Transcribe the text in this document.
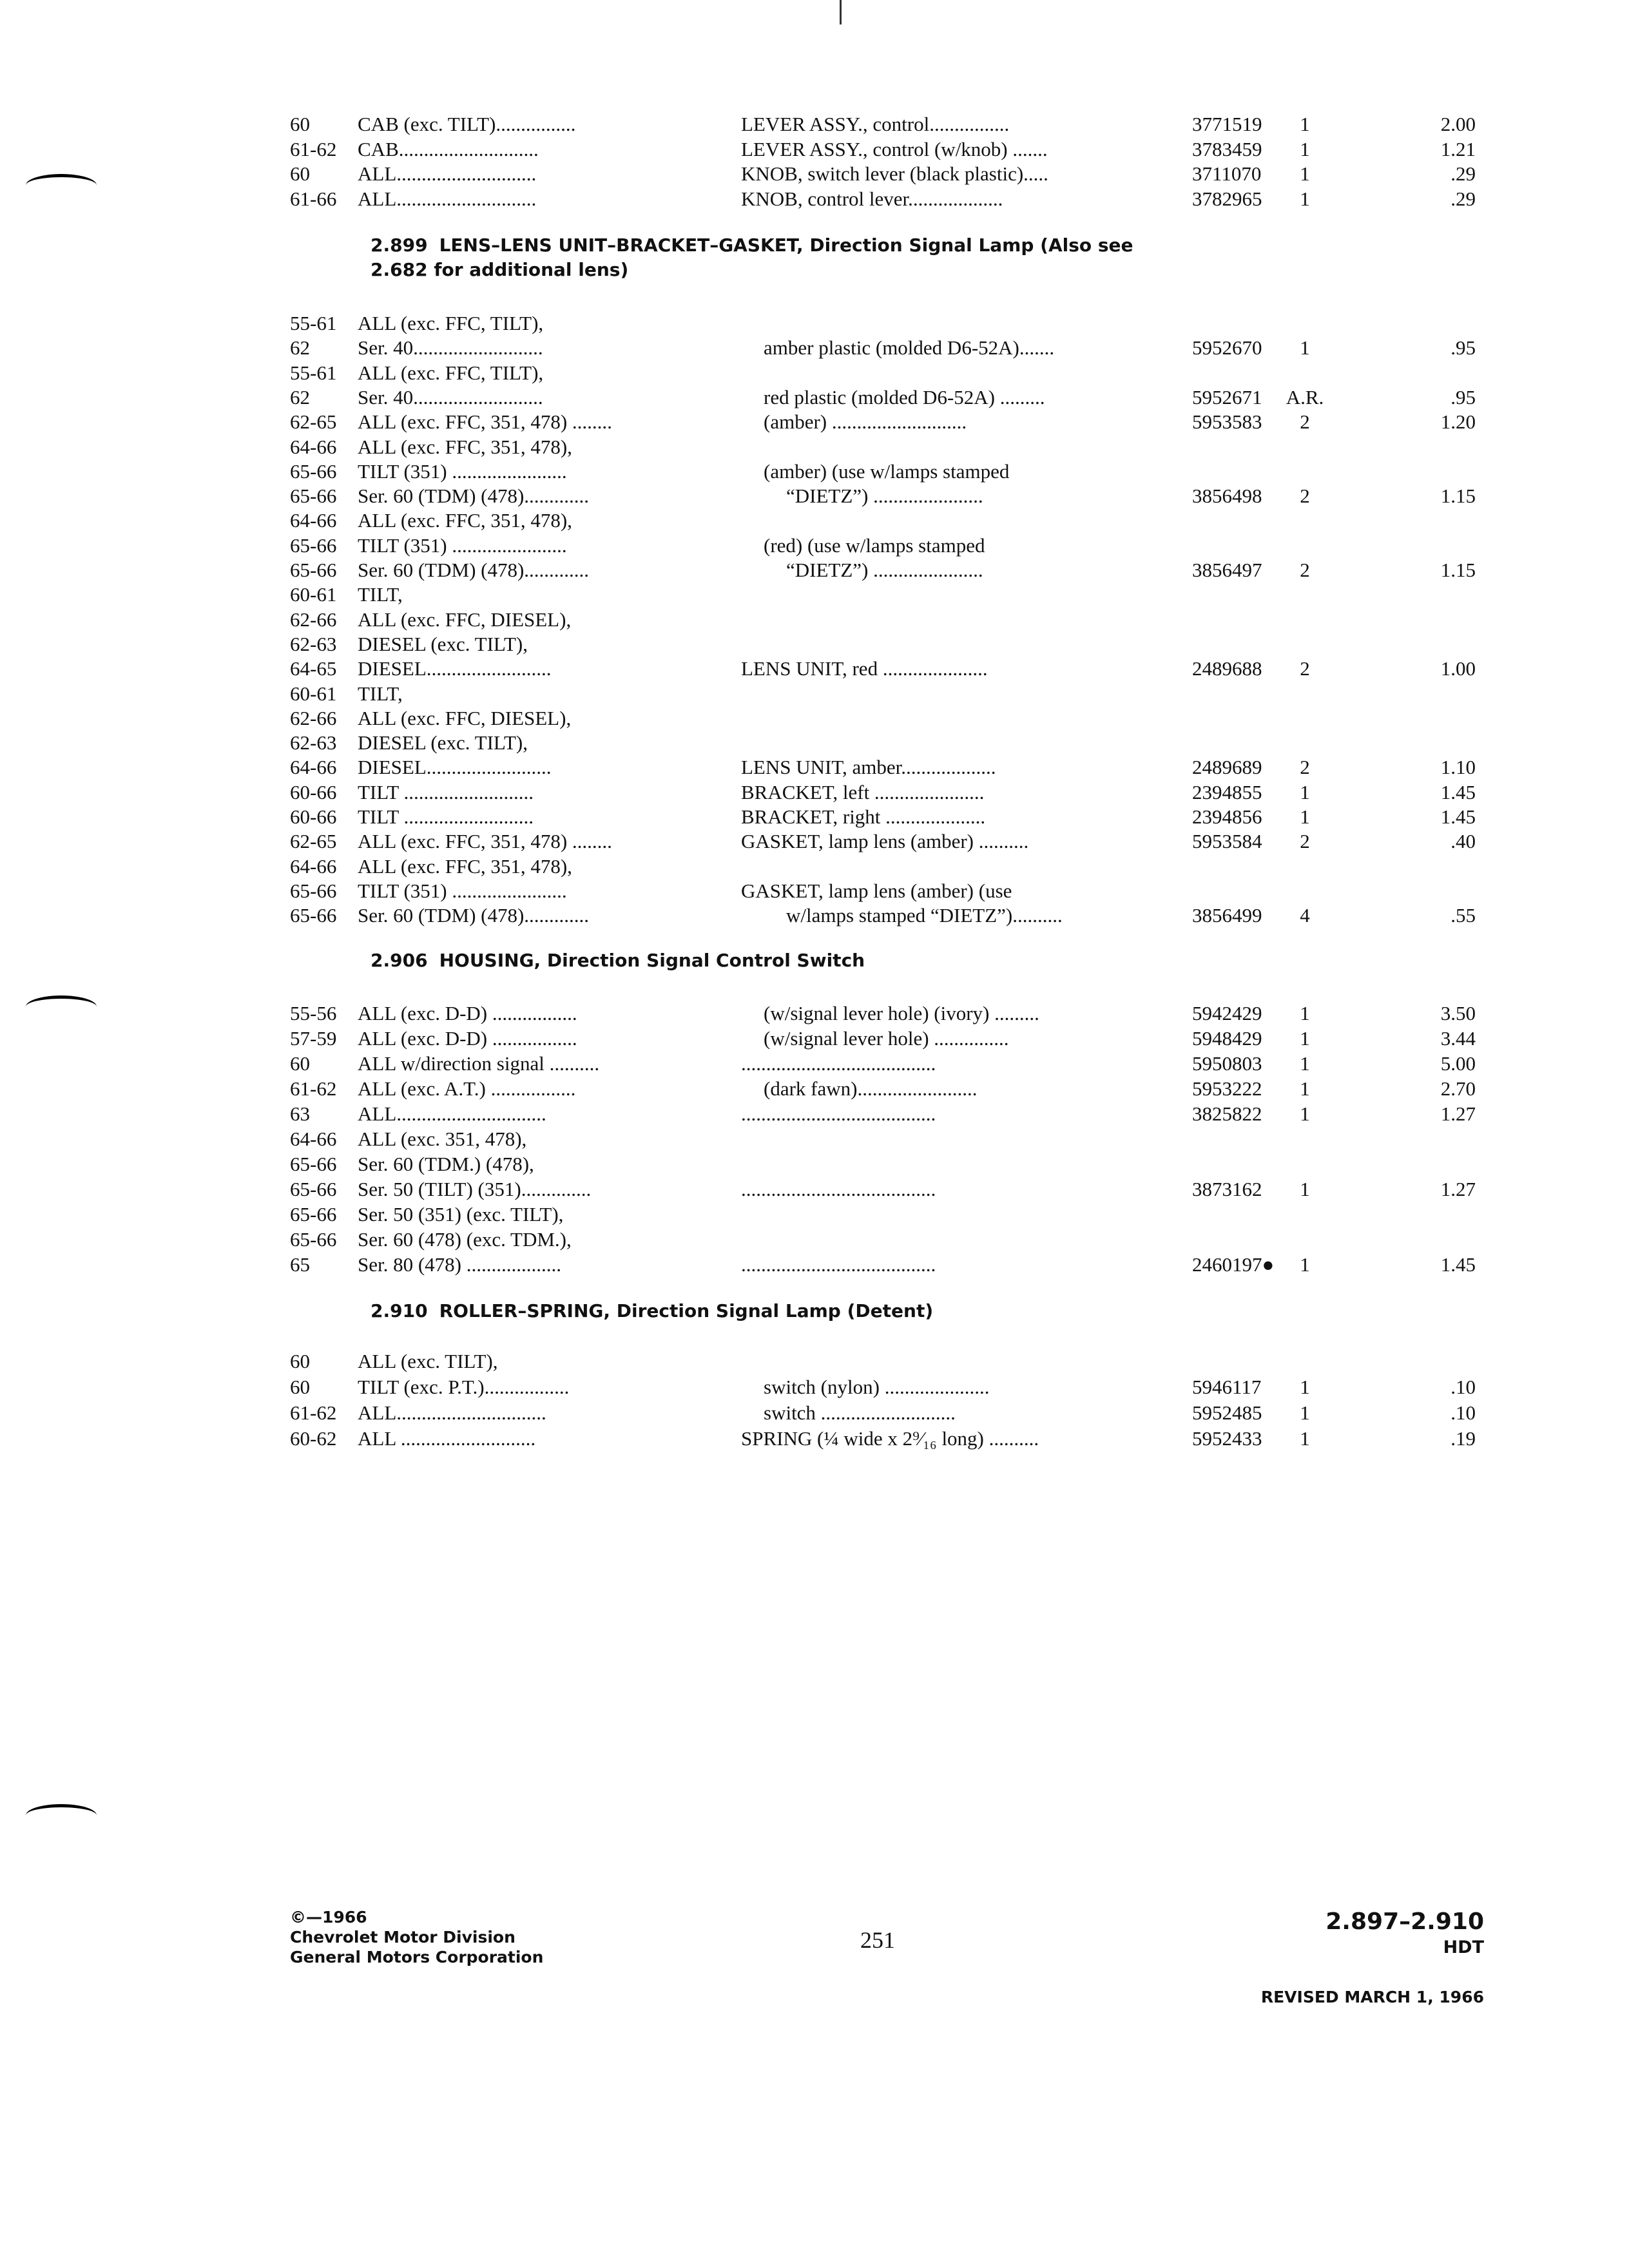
60	CAB (exc. TILT)................	LEVER ASSY., control................	3771519	1	2.00
61-62	CAB............................	LEVER ASSY., control (w/knob) .......	3783459	1	1.21
60	ALL............................	KNOB, switch lever (black plastic).....	3711070	1	.29
61-66	ALL............................	KNOB, control lever...................	3782965	1	.29
2.899 LENS–LENS UNIT–BRACKET–GASKET, Direction Signal Lamp (Also see
2.682 for additional lens)
55-61	ALL (exc. FFC, TILT),
62	Ser. 40..........................	amber plastic (molded D6-52A).......	5952670	1	.95
55-61	ALL (exc. FFC, TILT),
62	Ser. 40..........................	red plastic (molded D6-52A) .........	5952671	A.R.	.95
62-65	ALL (exc. FFC, 351, 478) ........	(amber) ...........................	5953583	2	1.20
64-66	ALL (exc. FFC, 351, 478),
65-66	TILT (351) .......................	(amber) (use w/lamps stamped
65-66	Ser. 60 (TDM) (478).............	“DIETZ”) ......................	3856498	2	1.15
64-66	ALL (exc. FFC, 351, 478),
65-66	TILT (351) .......................	(red) (use w/lamps stamped
65-66	Ser. 60 (TDM) (478).............	“DIETZ”) ......................	3856497	2	1.15
60-61	TILT,
62-66	ALL (exc. FFC, DIESEL),
62-63	DIESEL (exc. TILT),
64-65	DIESEL.........................	LENS UNIT, red .....................	2489688	2	1.00
60-61	TILT,
62-66	ALL (exc. FFC, DIESEL),
62-63	DIESEL (exc. TILT),
64-66	DIESEL.........................	LENS UNIT, amber...................	2489689	2	1.10
60-66	TILT ..........................	BRACKET, left ......................	2394855	1	1.45
60-66	TILT ..........................	BRACKET, right ....................	2394856	1	1.45
62-65	ALL (exc. FFC, 351, 478) ........	GASKET, lamp lens (amber) ..........	5953584	2	.40
64-66	ALL (exc. FFC, 351, 478),
65-66	TILT (351) .......................	GASKET, lamp lens (amber) (use
65-66	Ser. 60 (TDM) (478).............	w/lamps stamped “DIETZ”)..........	3856499	4	.55
2.906 HOUSING, Direction Signal Control Switch
55-56	ALL (exc. D-D) .................	(w/signal lever hole) (ivory) .........	5942429	1	3.50
57-59	ALL (exc. D-D) .................	(w/signal lever hole) ...............	5948429	1	3.44
60	ALL w/direction signal ..........	.......................................	5950803	1	5.00
61-62	ALL (exc. A.T.) .................	(dark fawn)........................	5953222	1	2.70
63	ALL..............................	.......................................	3825822	1	1.27
64-66	ALL (exc. 351, 478),
65-66	Ser. 60 (TDM.) (478),
65-66	Ser. 50 (TILT) (351)..............	.......................................	3873162	1	1.27
65-66	Ser. 50 (351) (exc. TILT),
65-66	Ser. 60 (478) (exc. TDM.),
65	Ser. 80 (478) ...................	.......................................	2460197●	1	1.45
2.910 ROLLER–SPRING, Direction Signal Lamp (Detent)
60	ALL (exc. TILT),
60	TILT (exc. P.T.).................	switch (nylon) .....................	5946117	1	.10
61-62	ALL..............................	switch ...........................	5952485	1	.10
60-62	ALL ...........................	SPRING (¼ wide x 2⁹⁄₁₆ long) ..........	5952433	1	.19
©—1966
Chevrolet Motor Division
General Motors Corporation
251
2.897–2.910
HDT
REVISED MARCH 1, 1966
